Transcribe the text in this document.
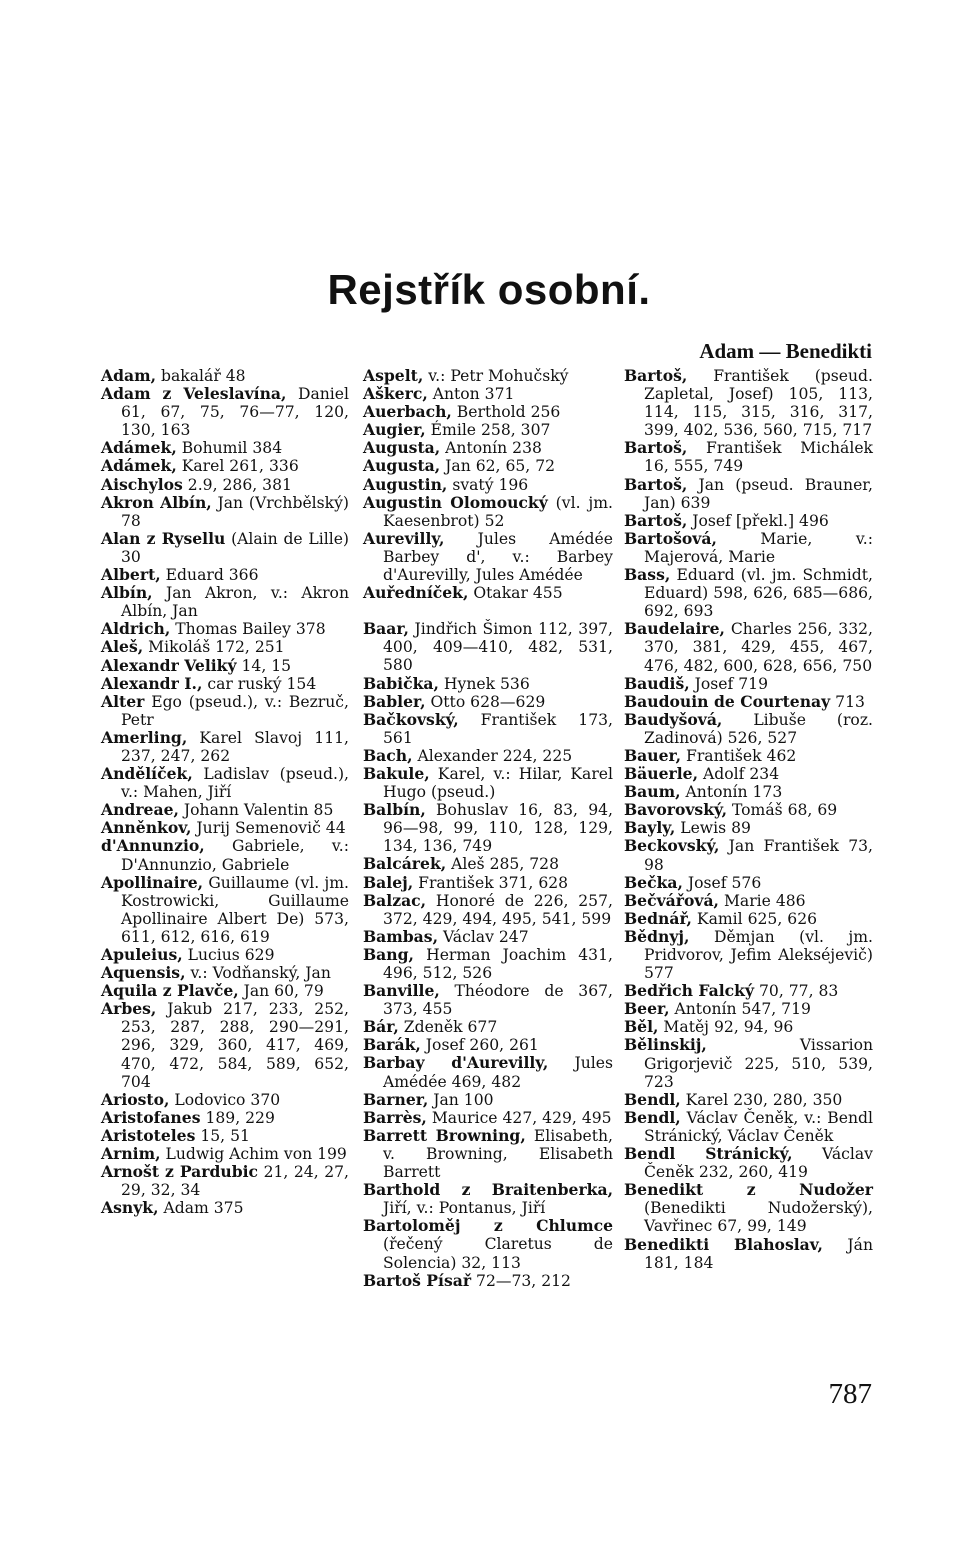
Rejstřík osobní.
Adam — Benedikti
Adam, bakalář 48
Adam z Veleslavína, Daniel 61, 67, 75, 76—77, 120, 130, 163
Adámek, Bohumil 384
Adámek, Karel 261, 336
Aischylos 2.9, 286, 381
Akron Albín, Jan (Vrchbělský) 78
Alan z Rysellu (Alain de Lille) 30
Albert, Eduard 366
Albín, Jan Akron, v.: Akron Albín, Jan
Aldrich, Thomas Bailey 378
Aleš, Mikoláš 172, 251
Alexandr Veliký 14, 15
Alexandr I., car ruský 154
Alter Ego (pseud.), v.: Bezruč, Petr
Amerling, Karel Slavoj 111, 237, 247, 262
Andělíček, Ladislav (pseud.), v.: Mahen, Jiří
Andreae, Johann Valentin 85
Anněnkov, Jurij Semenovič 44
d'Annunzio, Gabriele, v.: D'Annunzio, Gabriele
Apollinaire, Guillaume (vl. jm. Kostrowicki, Guillaume Apollinaire Albert De) 573, 611, 612, 616, 619
Apuleius, Lucius 629
Aquensis, v.: Vodňanský, Jan
Aquila z Plavče, Jan 60, 79
Arbes, Jakub 217, 233, 252, 253, 287, 288, 290—291, 296, 329, 360, 417, 469, 470, 472, 584, 589, 652, 704
Ariosto, Lodovico 370
Aristofanes 189, 229
Aristoteles 15, 51
Arnim, Ludwig Achim von 199
Arnošt z Pardubic 21, 24, 27, 29, 32, 34
Asnyk, Adam 375
Aspelt, v.: Petr Mohučský
Aškerc, Anton 371
Auerbach, Berthold 256
Augier, Émile 258, 307
Augusta, Antonín 238
Augusta, Jan 62, 65, 72
Augustin, svatý 196
Augustin Olomoucký (vl. jm. Kaesenbrot) 52
Aurevilly, Jules Amédée Barbey d', v.: Barbey d'Aurevilly, Jules Amédée
Auředníček, Otakar 455
Baar, Jindřich Šimon 112, 397, 400, 409—410, 482, 531, 580
Babička, Hynek 536
Babler, Otto 628—629
Bačkovský, František 173, 561
Bach, Alexander 224, 225
Bakule, Karel, v.: Hilar, Karel Hugo (pseud.)
Balbín, Bohuslav 16, 83, 94, 96—98, 99, 110, 128, 129, 134, 136, 749
Balcárek, Aleš 285, 728
Balej, František 371, 628
Balzac, Honoré de 226, 257, 372, 429, 494, 495, 541, 599
Bambas, Václav 247
Bang, Herman Joachim 431, 496, 512, 526
Banville, Théodore de 367, 373, 455
Bár, Zdeněk 677
Barák, Josef 260, 261
Barbay d'Aurevilly, Jules Amédée 469, 482
Barner, Jan 100
Barrès, Maurice 427, 429, 495
Barrett Browning, Elisabeth, v. Browning, Elisabeth Barrett
Barthold z Braitenberka, Jiří, v.: Pontanus, Jiří
Bartoloměj z Chlumce (řečený Claretus de Solencia) 32, 113
Bartoš Písař 72—73, 212
Bartoš, František (pseud. Zapletal, Josef) 105, 113, 114, 115, 315, 316, 317, 399, 402, 536, 560, 715, 717
Bartoš, František Michálek 16, 555, 749
Bartoš, Jan (pseud. Brauner, Jan) 639
Bartoš, Josef [překl.] 496
Bartošová, Marie, v.: Majerová, Marie
Bass, Eduard (vl. jm. Schmidt, Eduard) 598, 626, 685—686, 692, 693
Baudelaire, Charles 256, 332, 370, 381, 429, 455, 467, 476, 482, 600, 628, 656, 750
Baudiš, Josef 719
Baudouin de Courtenay 713
Baudyšová, Libuše (roz. Zadinová) 526, 527
Bauer, František 462
Bäuerle, Adolf 234
Baum, Antonín 173
Bavorovský, Tomáš 68, 69
Bayly, Lewis 89
Beckovský, Jan František 73, 98
Bečka, Josef 576
Bečvářová, Marie 486
Bednář, Kamil 625, 626
Bědnyj, Děmjan (vl. jm. Pridvorov, Jefim Alekséjevič) 577
Bedřich Falcký 70, 77, 83
Beer, Antonín 547, 719
Běl, Matěj 92, 94, 96
Bělinskij, Vissarion Grigorjevič 225, 510, 539, 723
Bendl, Karel 230, 280, 350
Bendl, Václav Čeněk, v.: Bendl Stránický, Václav Čeněk
Bendl Stránický, Václav Čeněk 232, 260, 419
Benedikt z Nudožer (Benedikti Nudožerský), Vavřinec 67, 99, 149
Benedikti Blahoslav, Ján 181, 184
787
